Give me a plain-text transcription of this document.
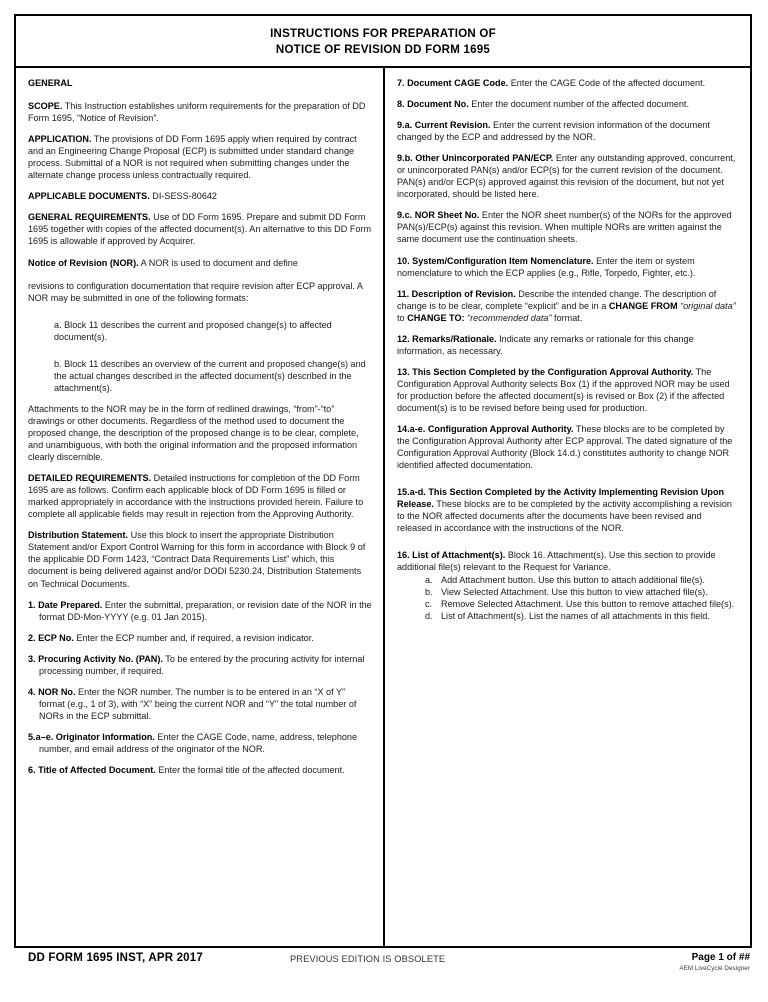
INSTRUCTIONS FOR PREPARATION OF
NOTICE OF REVISION DD FORM 1695

GENERAL

SCOPE. This Instruction establishes uniform requirements for the preparation of DD Form 1695, “Notice of Revision”.

APPLICATION. The provisions of DD Form 1695 apply when required by contract and an Engineering Change Proposal (ECP) is submitted under standard change process. Submittal of a NOR is not required when submitting changes under the alternate change process unless contractually required.

APPLICABLE DOCUMENTS. DI-SESS-80642

GENERAL REQUIREMENTS. Use of DD Form 1695. Prepare and submit DD Form 1695 together with copies of the affected document(s). An alternative to this DD Form 1695 is allowable if approved by Acquirer.

Notice of Revision (NOR). A NOR is used to document and define

revisions to configuration documentation that require revision after ECP approval. A NOR may be submitted in one of the following formats:

a. Block 11 describes the current and proposed change(s) to affected document(s).

b. Block 11 describes an overview of the current and proposed change(s) and the actual changes described in the affected document(s) described in the attachment(s).

Attachments to the NOR may be in the form of redlined drawings, “from”-“to” drawings or other documents. Regardless of the method used to document the proposed change, the description of the proposed change is to be clear, complete, and unambiguous, with both the original information and the proposed information clearly discernible.

DETAILED REQUIREMENTS. Detailed instructions for completion of the DD Form 1695 are as follows. Confirm each applicable block of DD Form 1695 is filled or marked appropriately in accordance with the instructions provided herein. Failure to complete all applicable fields may result in rejection from the Approving Authority.

Distribution Statement. Use this block to insert the appropriate Distribution Statement and/or Export Control Warning for this form in accordance with Block 9 of the applicable DD Form 1423, “Contract Data Requirements List” which, this document is being delivered against and/or DODI 5230.24, Distribution Statements on Technical Documents.

1. Date Prepared. Enter the submittal, preparation, or revision date of the NOR in the format DD-Mon-YYYY (e.g. 01 Jan 2015).

2. ECP No. Enter the ECP number and, if required, a revision indicator.

3. Procuring Activity No. (PAN). To be entered by the procuring activity for internal processing number, if required.

4. NOR No. Enter the NOR number. The number is to be entered in an “X of Y” format (e.g., 1 of 3), with “X” being the current NOR and “Y” the total number of NORs in the ECP submittal.

5.a–e. Originator Information. Enter the CAGE Code, name, address, telephone number, and email address of the originator of the NOR.

6. Title of Affected Document. Enter the formal title of the affected document.

7. Document CAGE Code. Enter the CAGE Code of the affected document.

8. Document No. Enter the document number of the affected document.

9.a. Current Revision. Enter the current revision information of the document changed by the ECP and addressed by the NOR.

9.b. Other Unincorporated PAN/ECP. Enter any outstanding approved, concurrent, or unincorporated PAN(s) and/or ECP(s) for the current revision of the document. PAN(s) and/or ECP(s) approved against this revision of the document, but not yet incorporated, should be listed here.

9.c. NOR Sheet No. Enter the NOR sheet number(s) of the NORs for the approved PAN(s)/ECP(s) against this revision. When multiple NORs are written against the same document use the continuation sheets.

10. System/Configuration Item Nomenclature. Enter the item or system nomenclature to which the ECP applies (e.g., Rifle, Torpedo, Fighter, etc.).

11. Description of Revision. Describe the intended change. The description of change is to be clear, complete “explicit” and be in a CHANGE FROM “original data” to CHANGE TO: “recommended data” format.

12. Remarks/Rationale. Indicate any remarks or rationale for this change information, as necessary.

13. This Section Completed by the Configuration Approval Authority. The Configuration Approval Authority selects Box (1) if the approved NOR may be used for production before the affected document(s) is revised or Box (2) if the affected document(s) is to be revised before being used for production.

14.a-e. Configuration Approval Authority. These blocks are to be completed by the Configuration Approval Authority after ECP approval. The dated signature of the Configuration Approval Authority (Block 14.d.) constitutes authority to change NOR identified affected documentation.

15.a-d. This Section Completed by the Activity Implementing Revision Upon Release. These blocks are to be completed by the activity accomplishing a revision to the NOR affected documents after the documents have been revised and released in accordance with the instructions of the NOR.

16. List of Attachment(s). Block 16. Attachment(s). Use this section to provide additional file(s) relevant to the Request for Variance.

a. Add Attachment button. Use this button to attach additional file(s).
b. View Selected Attachment. Use this button to view attached file(s).
c. Remove Selected Attachment. Use this button to remove attached file(s).
d. List of Attachment(s). List the names of all attachments in this field.
DD FORM 1695 INST, APR 2017	PREVIOUS EDITION IS OBSOLETE	Page 1 of ##
AEM LiveCycle Designer
